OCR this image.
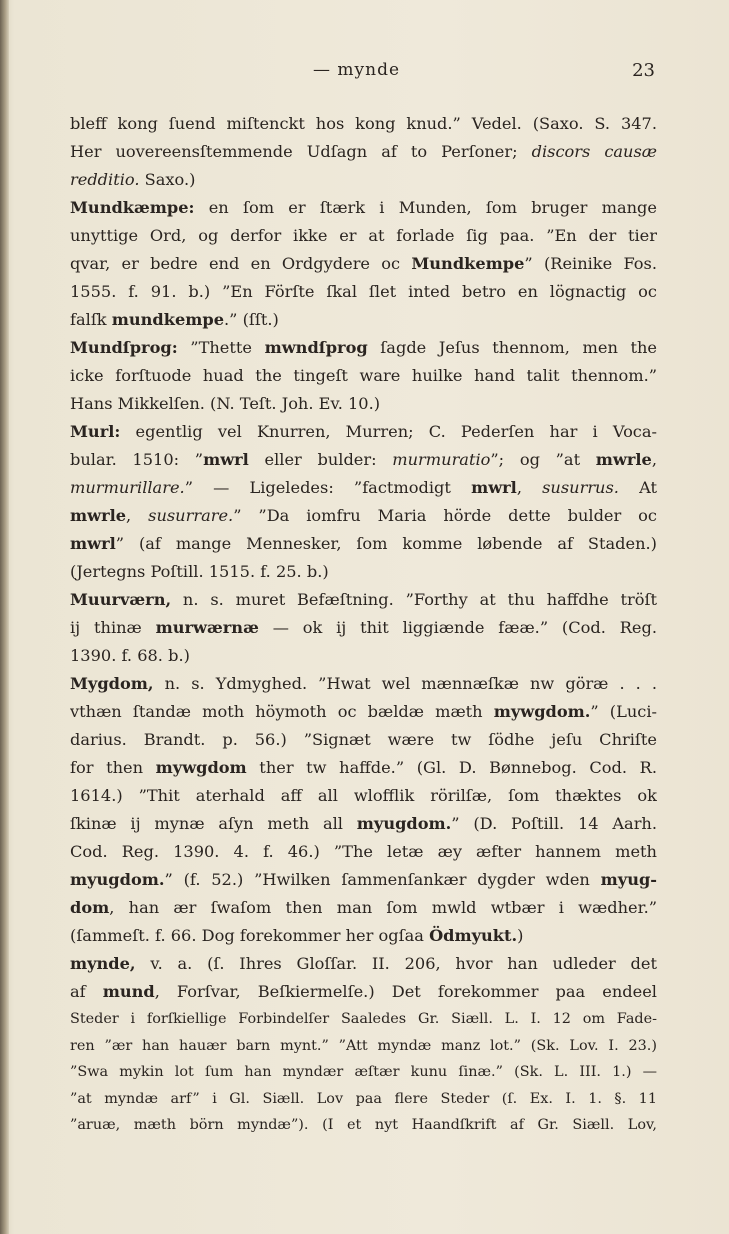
— mynde	23
bleff kong ſuend miſtenckt hos kong knud.” Vedel. (Saxo. S. 347.
Her uovereensſtemmende Udſagn af to Perſoner; discors causæ
redditio. Saxo.)
Mundkæmpe: en ſom er ſtærk i Munden, ſom bruger mange
unyttige Ord, og derfor ikke er at forlade ſig paa. ”En der tier
qvar, er bedre end en Ordgydere oc Mundkempe” (Reinike Fos.
1555. f. 91. b.) ”En Förſte ſkal ſlet inted betro en lögnactig oc
falſk mundkempe.” (ſſt.)
Mundſprog: ”Thette mwndſprog ſagde Jeſus thennom, men the
icke forſtuode huad the tingeſt ware huilke hand talit thennom.”
Hans Mikkelſen. (N. Teſt. Joh. Ev. 10.)
Murl: egentlig vel Knurren, Murren; C. Pederſen har i Voca-
bular. 1510: ”mwrl eller bulder: murmuratio”; og ”at mwrle,
murmurillare.” — Ligeledes: ”factmodigt mwrl, susurrus. At
mwrle, susurrare.” ”Da iomfru Maria hörde dette bulder oc
mwrl” (af mange Mennesker, ſom komme løbende af Staden.)
(Jertegns Poſtill. 1515. f. 25. b.)
Muurværn, n. s. muret Befæſtning. ”Forthy at thu haffdhe tröſt
ij thinæ murwærnæ — ok ij thit liggiænde fææ.” (Cod. Reg.
1390. f. 68. b.)
Mygdom, n. s. Ydmyghed. ”Hwat wel mænnæſkæ nw göræ . . .
vthæn ſtandæ moth höymoth oc bældæ mæth mywgdom.” (Luci-
darius. Brandt. p. 56.) ”Signæt wære tw ſödhe jeſu Chriſte
for then mywgdom ther tw haffde.” (Gl. D. Bønnebog. Cod. R.
1614.) ”Thit aterhald aff all wlofflik rörilſæ, ſom thæktes ok
ſkinæ ij mynæ aſyn meth all myugdom.” (D. Poſtill. 14 Aarh.
Cod. Reg. 1390. 4. f. 46.) ”The letæ æy æfter hannem meth
myugdom.” (f. 52.) ”Hwilken ſammenſankær dygder wden myug-
dom, han ær ſwaſom then man ſom mwld wtbær i wædher.”
(ſammeſt. f. 66. Dog forekommer her ogſaa Ödmyukt.)
mynde, v. a. (ſ. Ihres Gloſſar. II. 206, hvor han udleder det
af mund, Forſvar, Beſkiermelſe.) Det forekommer paa endeel
Steder i forſkiellige Forbindelſer Saaledes Gr. Siæll. L. I. 12 om Fade-
ren ”ær han hauær barn mynt.” ”Att myndæ manz lot.” (Sk. Lov. I. 23.)
”Swa mykin lot ſum han myndær æſtær kunu ſinæ.” (Sk. L. III. 1.) —
”at myndæ arf” i Gl. Siæll. Lov paa flere Steder (ſ. Ex. I. 1. §. 11
”aruæ, mæth börn myndæ”). (I et nyt Haandſkrift af Gr. Siæll. Lov,
